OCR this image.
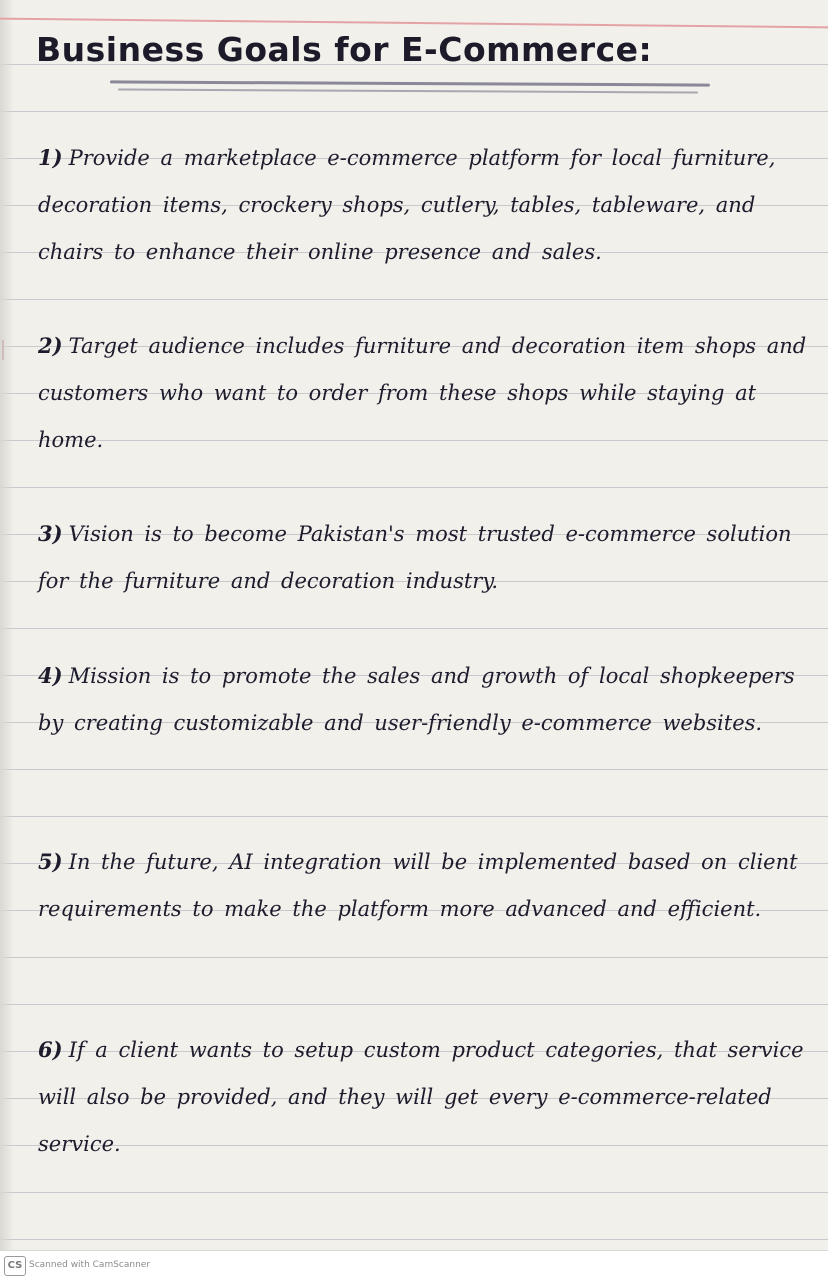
Business Goals for E-Commerce:
1) Provide a marketplace e-commerce platform for local furniture, decoration items, crockery shops, cutlery, tables, tableware, and chairs to enhance their online presence and sales.
2) Target audience includes furniture and decoration item shops and customers who want to order from these shops while staying at home.
3) Vision is to become Pakistan's most trusted e-commerce solution for the furniture and decoration industry.
4) Mission is to promote the sales and growth of local shopkeepers by creating customizable and user-friendly e-commerce websites.
5) In the future, AI integration will be implemented based on client requirements to make the platform more advanced and efficient.
6) If a client wants to setup custom product categories, that service will also be provided, and they will get every e-commerce-related service.
CS Scanned with CamScanner
